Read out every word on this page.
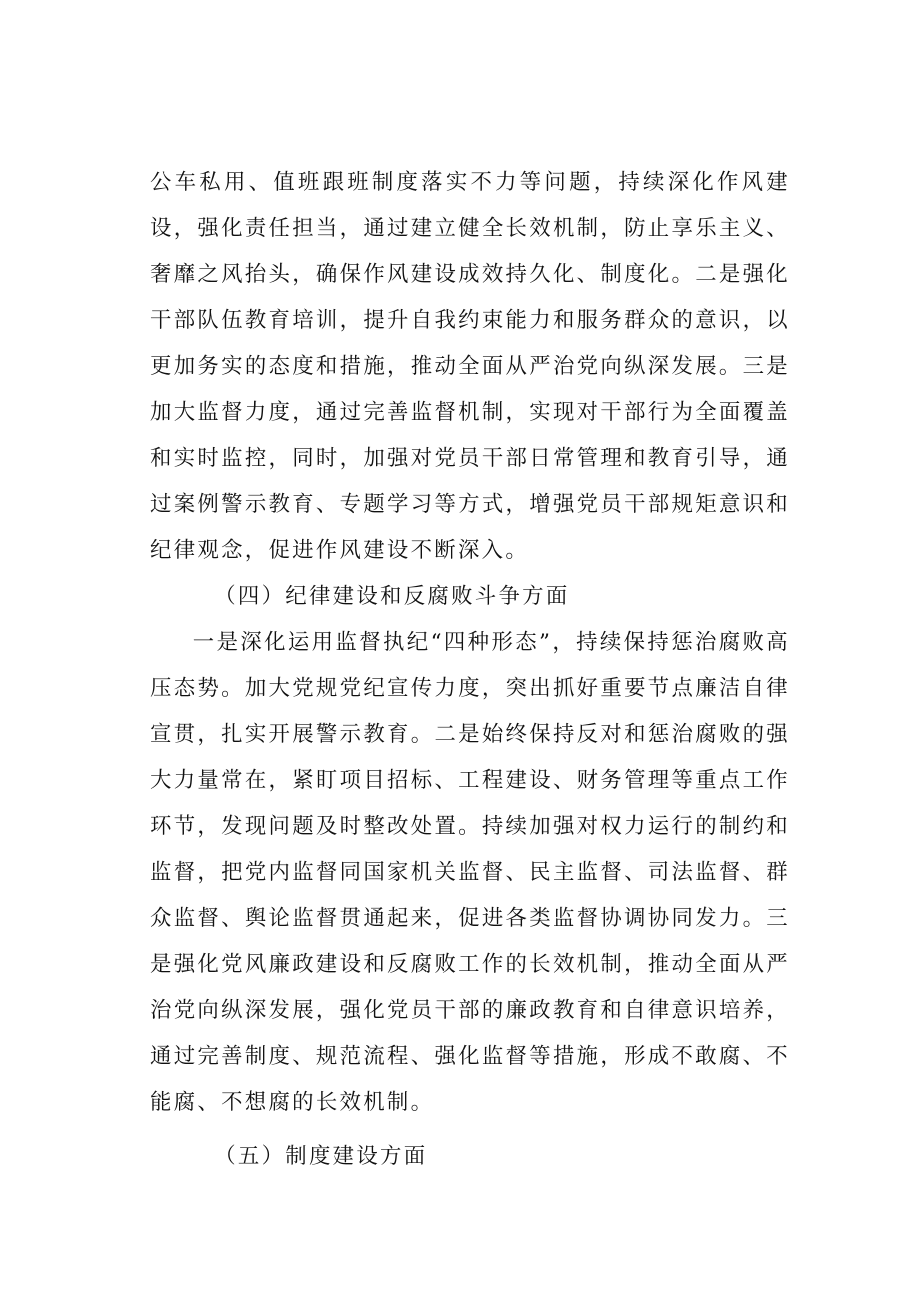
公车私用、值班跟班制度落实不力等问题，持续深化作风建设，强化责任担当，通过建立健全长效机制，防止享乐主义、奢靡之风抬头，确保作风建设成效持久化、制度化。二是强化干部队伍教育培训，提升自我约束能力和服务群众的意识，以更加务实的态度和措施，推动全面从严治党向纵深发展。三是加大监督力度，通过完善监督机制，实现对干部行为全面覆盖和实时监控，同时，加强对党员干部日常管理和教育引导，通过案例警示教育、专题学习等方式，增强党员干部规矩意识和纪律观念，促进作风建设不断深入。

（四）纪律建设和反腐败斗争方面

一是深化运用监督执纪“四种形态”，持续保持惩治腐败高压态势。加大党规党纪宣传力度，突出抓好重要节点廉洁自律宣贯，扎实开展警示教育。二是始终保持反对和惩治腐败的强大力量常在，紧盯项目招标、工程建设、财务管理等重点工作环节，发现问题及时整改处置。持续加强对权力运行的制约和监督，把党内监督同国家机关监督、民主监督、司法监督、群众监督、舆论监督贯通起来，促进各类监督协调协同发力。三是强化党风廉政建设和反腐败工作的长效机制，推动全面从严治党向纵深发展，强化党员干部的廉政教育和自律意识培养，通过完善制度、规范流程、强化监督等措施，形成不敢腐、不能腐、不想腐的长效机制。

（五）制度建设方面
